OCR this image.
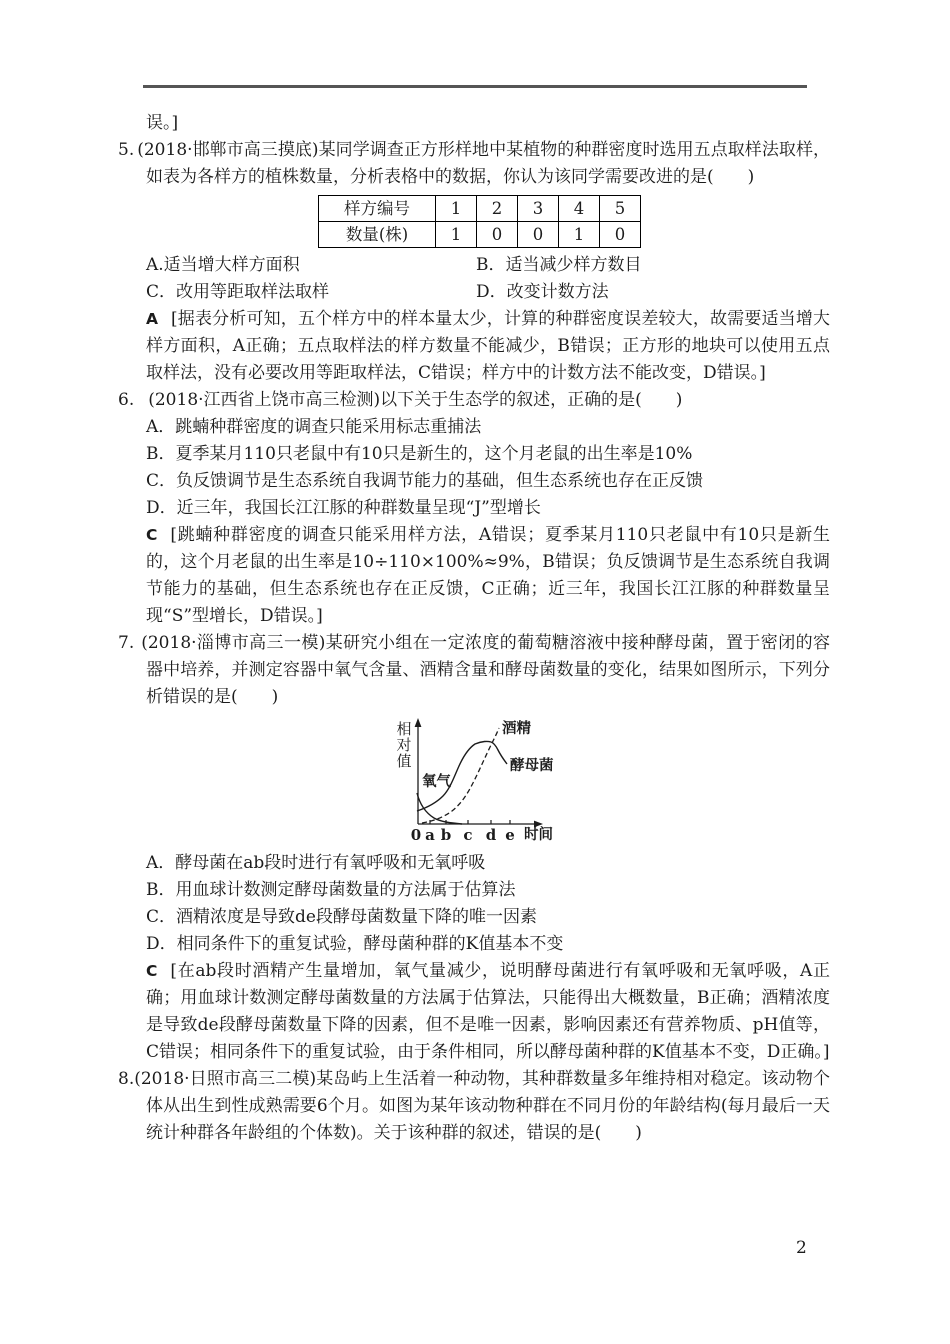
误。]

5. (2018·邯郸市高三摸底)某同学调查正方形样地中某植物的种群密度时选用五点取样法取样，如表为各样方的植株数量，分析表格中的数据，你认为该同学需要改进的是(　　)

样方编号	1	2	3	4	5
数量(株)	1	0	0	1	0
A.适当增大样方面积	B．适当减少样方数目
C．改用等距取样法取样	D．改变计数方法

A [据表分析可知，五个样方中的样本量太少，计算的种群密度误差较大，故需要适当增大样方面积，A正确；五点取样法的样方数量不能减少，B错误；正方形的地块可以使用五点取样法，没有必要改用等距取样法，C错误；样方中的计数方法不能改变，D错误。]

6. (2018·江西省上饶市高三检测)以下关于生态学的叙述，正确的是(　　)

A．跳蝻种群密度的调查只能采用标志重捕法

B．夏季某月110只老鼠中有10只是新生的，这个月老鼠的出生率是10%

C．负反馈调节是生态系统自我调节能力的基础，但生态系统也存在正反馈

D．近三年，我国长江江豚的种群数量呈现“J”型增长

C [跳蝻种群密度的调查只能采用样方法，A错误；夏季某月110只老鼠中有10只是新生的，这个月老鼠的出生率是10÷110×100%≈9%，B错误；负反馈调节是生态系统自我调节能力的基础，但生态系统也存在正反馈，C正确；近三年，我国长江江豚的种群数量呈现“S”型增长，D错误。]

7. (2018·淄博市高三一模)某研究小组在一定浓度的葡萄糖溶液中接种酵母菌，置于密闭的容器中培养，并测定容器中氧气含量、酒精含量和酵母菌数量的变化，结果如图所示，下列分析错误的是(　　)

相对值
氧气
酒精
酵母菌
0 a b c d e 时间

A．酵母菌在ab段时进行有氧呼吸和无氧呼吸

B．用血球计数测定酵母菌数量的方法属于估算法

C．酒精浓度是导致de段酵母菌数量下降的唯一因素

D．相同条件下的重复试验，酵母菌种群的K值基本不变

C [在ab段时酒精产生量增加，氧气量减少，说明酵母菌进行有氧呼吸和无氧呼吸，A正确；用血球计数测定酵母菌数量的方法属于估算法，只能得出大概数量，B正确；酒精浓度是导致de段酵母菌数量下降的因素，但不是唯一因素，影响因素还有营养物质、pH值等，C错误；相同条件下的重复试验，由于条件相同，所以酵母菌种群的K值基本不变，D正确。]

8.(2018·日照市高三二模)某岛屿上生活着一种动物，其种群数量多年维持相对稳定。该动物个体从出生到性成熟需要6个月。如图为某年该动物种群在不同月份的年龄结构(每月最后一天统计种群各年龄组的个体数)。关于该种群的叙述，错误的是(　　)

2
